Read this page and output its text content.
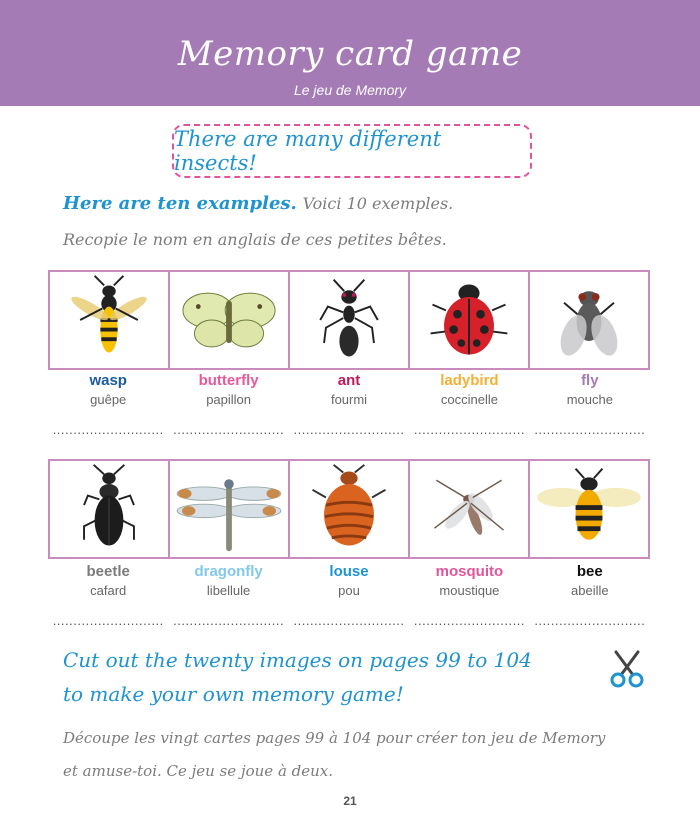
Memory card game
Le jeu de Memory
There are many different insects!
Here are ten examples. Voici 10 exemples.
Recopie le nom en anglais de ces petites bêtes.
wasp
guêpe
butterfly
papillon
ant
fourmi
ladybird
coccinelle
fly
mouche
........................... ........................... ........................... ........................... ...........................
beetle
cafard
dragonfly
libellule
louse
pou
mosquito
moustique
bee
abeille
........................... ........................... ........................... ........................... ...........................
Cut out the twenty images on pages 99 to 104
to make your own memory game!
Découpe les vingt cartes pages 99 à 104 pour créer ton jeu de Memory
et amuse-toi. Ce jeu se joue à deux.
21
